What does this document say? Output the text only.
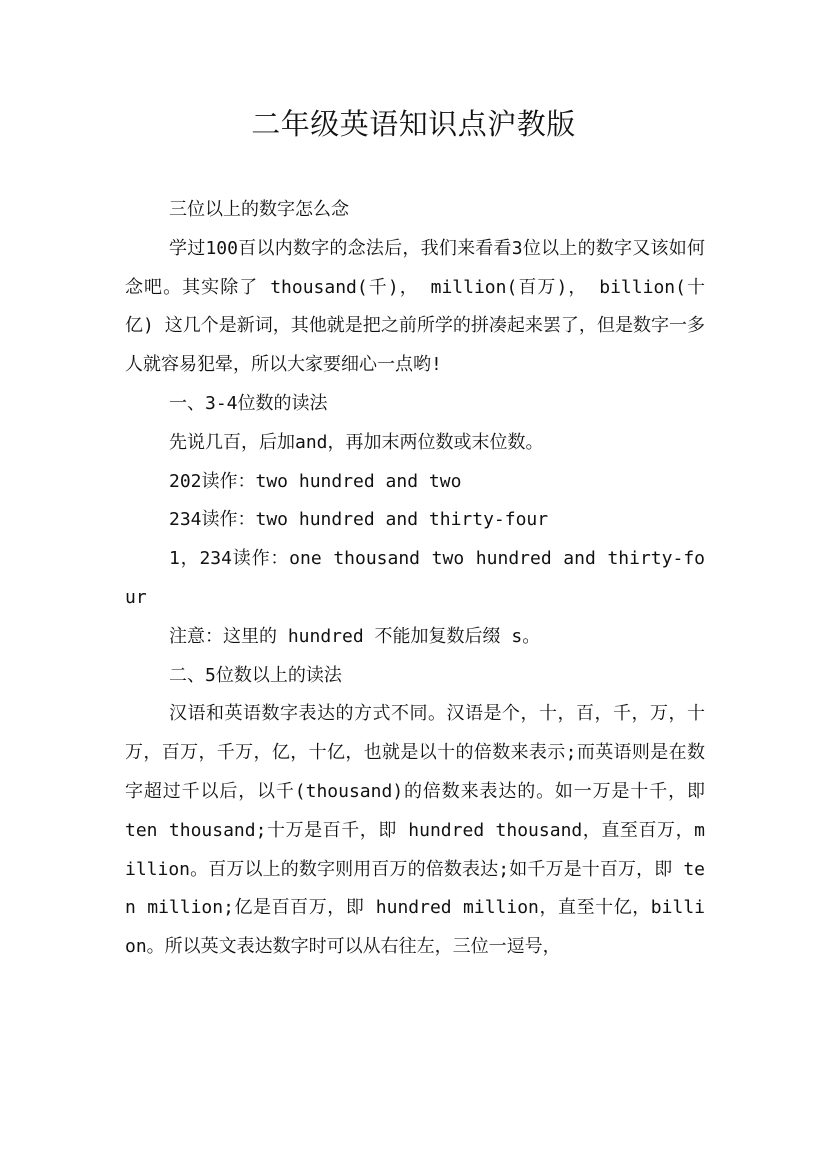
二年级英语知识点沪教版

三位以上的数字怎么念

学过100百以内数字的念法后，我们来看看3位以上的数字又该如何念吧。其实除了 thousand(千)， million(百万)， billion(十亿) 这几个是新词，其他就是把之前所学的拼凑起来罢了，但是数字一多人就容易犯晕，所以大家要细心一点哟!

一、3-4位数的读法

先说几百，后加and，再加末两位数或末位数。

202读作：two hundred and two

234读作：two hundred and thirty-four

1，234读作：one thousand two hundred and thirty-four

注意：这里的 hundred 不能加复数后缀 s。

二、5位数以上的读法

汉语和英语数字表达的方式不同。汉语是个，十，百，千，万，十万，百万，千万，亿，十亿，也就是以十的倍数来表示;而英语则是在数字超过千以后，以千(thousand)的倍数来表达的。如一万是十千，即 ten thousand;十万是百千，即 hundred thousand，直至百万，million。百万以上的数字则用百万的倍数表达;如千万是十百万，即 ten million;亿是百百万，即 hundred million，直至十亿，billion。所以英文表达数字时可以从右往左，三位一逗号，
